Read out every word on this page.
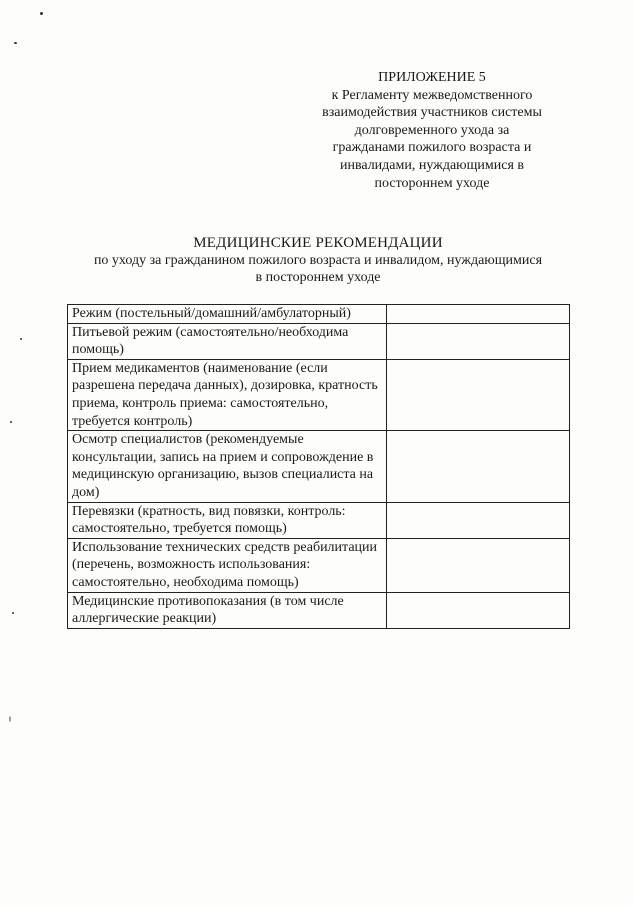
ПРИЛОЖЕНИЕ 5
к Регламенту межведомственного
взаимодействия участников системы
долговременного ухода за
гражданами пожилого возраста и
инвалидами, нуждающимися в
постороннем уходе
МЕДИЦИНСКИЕ РЕКОМЕНДАЦИИ
по уходу за гражданином пожилого возраста и инвалидом, нуждающимися
в постороннем уходе
Режим (постельный/домашний/амбулаторный)	
Питьевой режим (самостоятельно/необходима помощь)	
Прием медикаментов (наименование (если разрешена передача данных), дозировка, кратность приема, контроль приема: самостоятельно, требуется контроль)	
Осмотр специалистов (рекомендуемые консультации, запись на прием и сопровождение в медицинскую организацию, вызов специалиста на дом)	
Перевязки (кратность, вид повязки, контроль: самостоятельно, требуется помощь)	
Использование технических средств реабилитации (перечень, возможность использования: самостоятельно, необходима помощь)	
Медицинские противопоказания (в том числе аллергические реакции)	
